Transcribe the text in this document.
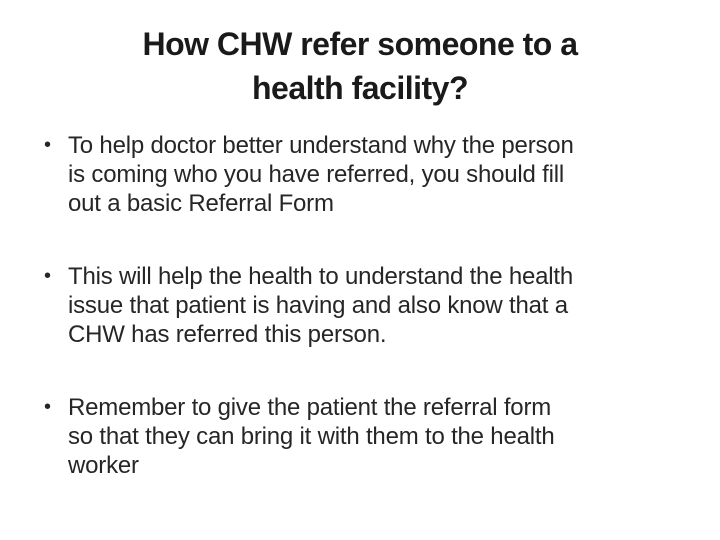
How CHW refer someone to a
health facility?
• To help doctor better understand why the person
is coming who you have referred, you should fill
out a basic Referral Form
• This will help the health to understand the health
issue that patient is having and also know that a
CHW has referred this person.
• Remember to give the patient the referral form
so that they can bring it with them to the health
worker
